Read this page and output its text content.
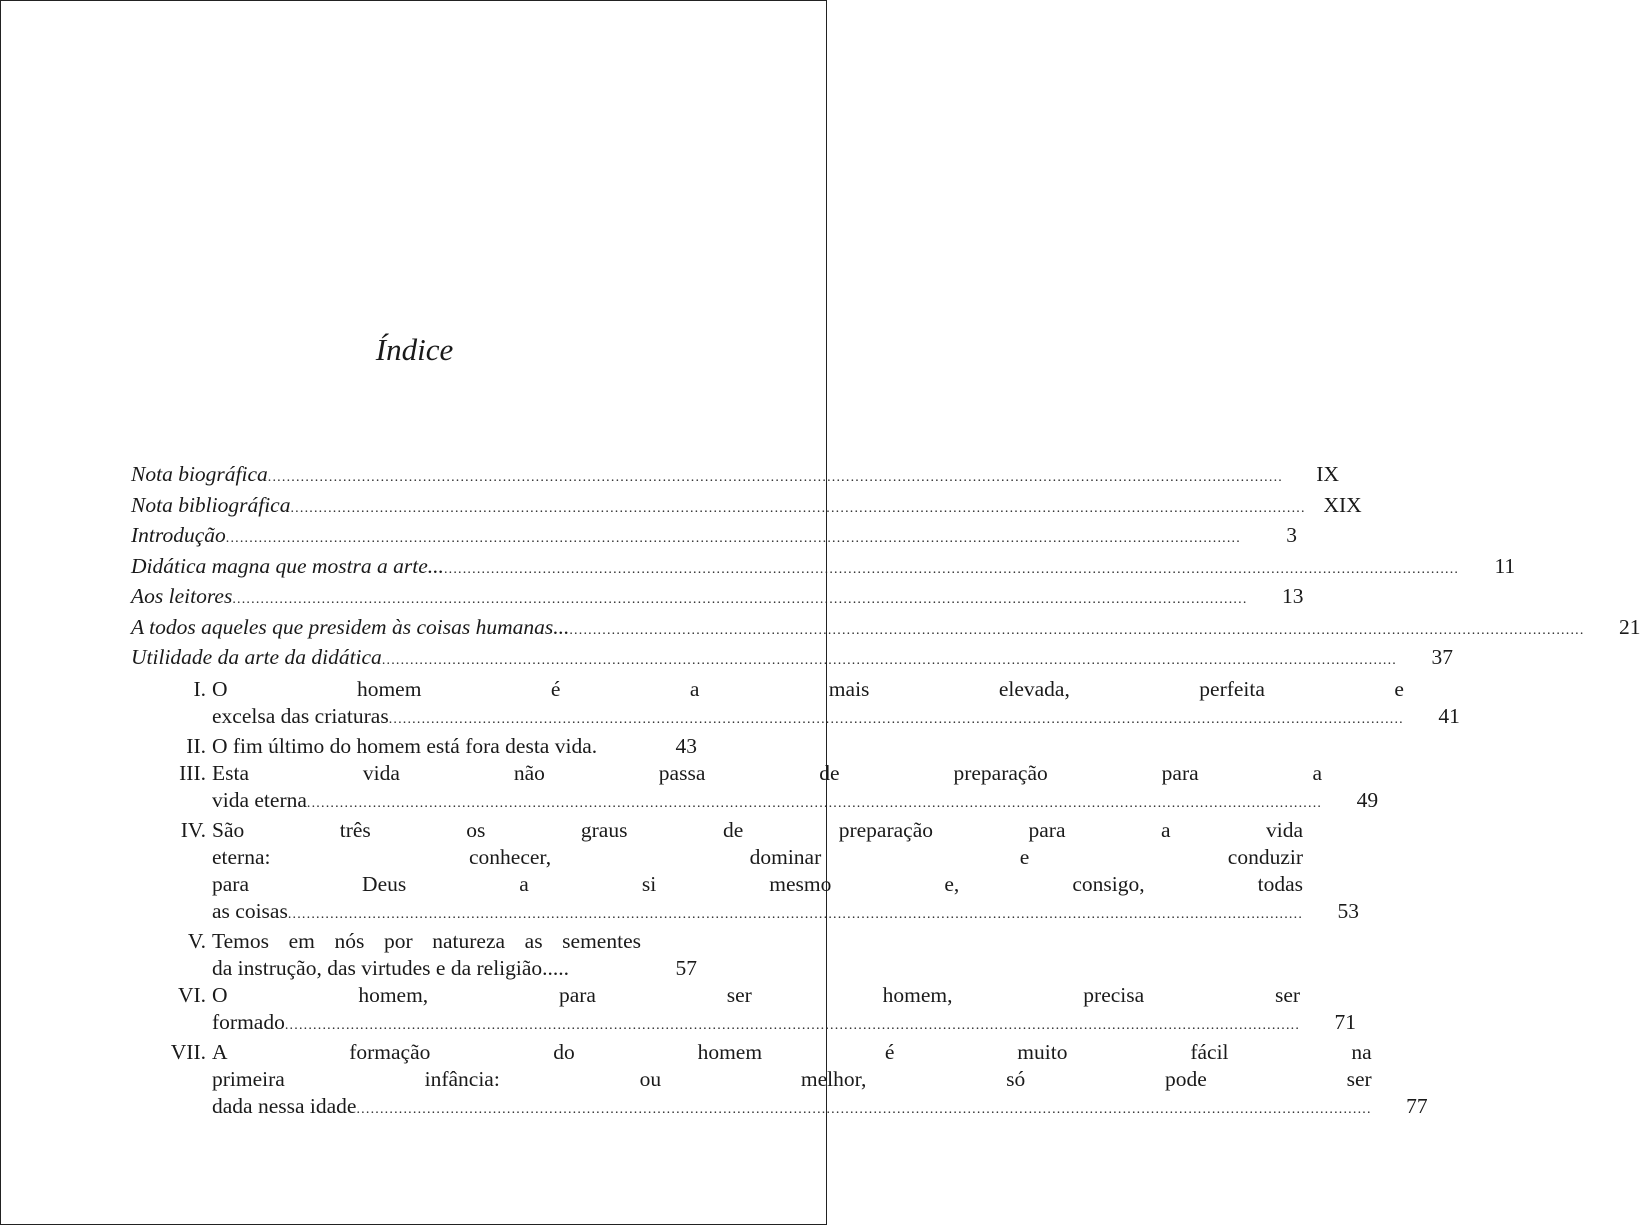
Índice
Nota biográfica .....	IX
Nota bibliográfica .....	XIX
Introdução .....	3
Didática magna que mostra a arte... .....	11
Aos leitores .....	13
A todos aqueles que presidem às coisas humanas... .....	21
Utilidade da arte da didática .....	37
I. O homem é a mais elevada, perfeita e
excelsa das criaturas .....	41
II. O fim último do homem está fora desta vida.	43
III. Esta vida não passa de preparação para a
vida eterna .....	49
IV. São três os graus de preparação para a vida
eterna: conhecer, dominar e conduzir
para Deus a si mesmo e, consigo, todas
as coisas .....	53
V. Temos em nós por natureza as sementes
da instrução, das virtudes e da religião.....	57
VI. O homem, para ser homem, precisa ser
formado .....	71
VII. A formação do homem é muito fácil na
primeira infância: ou melhor, só pode ser
dada nessa idade .....	77
